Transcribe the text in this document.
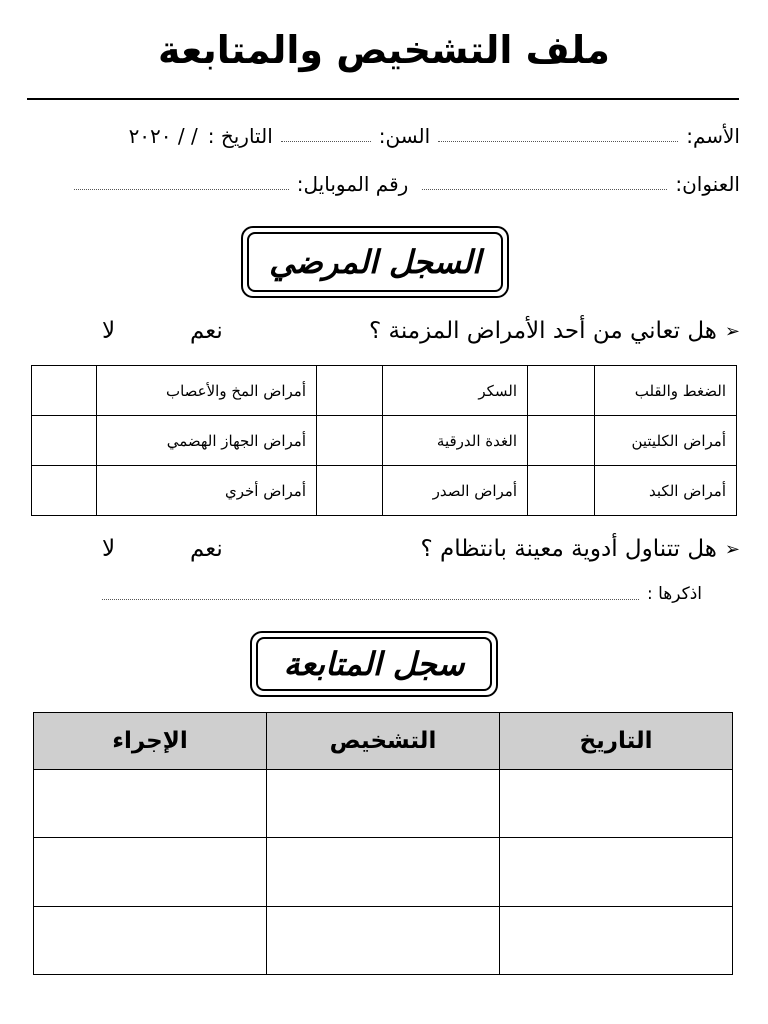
ملف التشخيص والمتابعة
الأسم:
السن:
التاريخ :
/ / ٢٠٢٠
العنوان:
رقم الموبايل:
السجل المرضي
➢
هل تعاني من أحد الأمراض المزمنة ؟
نعم
لا
الضغط والقلب		السكر		أمراض المخ والأعصاب	
أمراض الكليتين		الغدة الدرقية		أمراض الجهاز الهضمي	
أمراض الكبد		أمراض الصدر		أمراض أخري	
➢
هل تتناول أدوية معينة بانتظام ؟
نعم
لا
اذكرها :
سجل المتابعة
التاريخ	التشخيص	الإجراء
